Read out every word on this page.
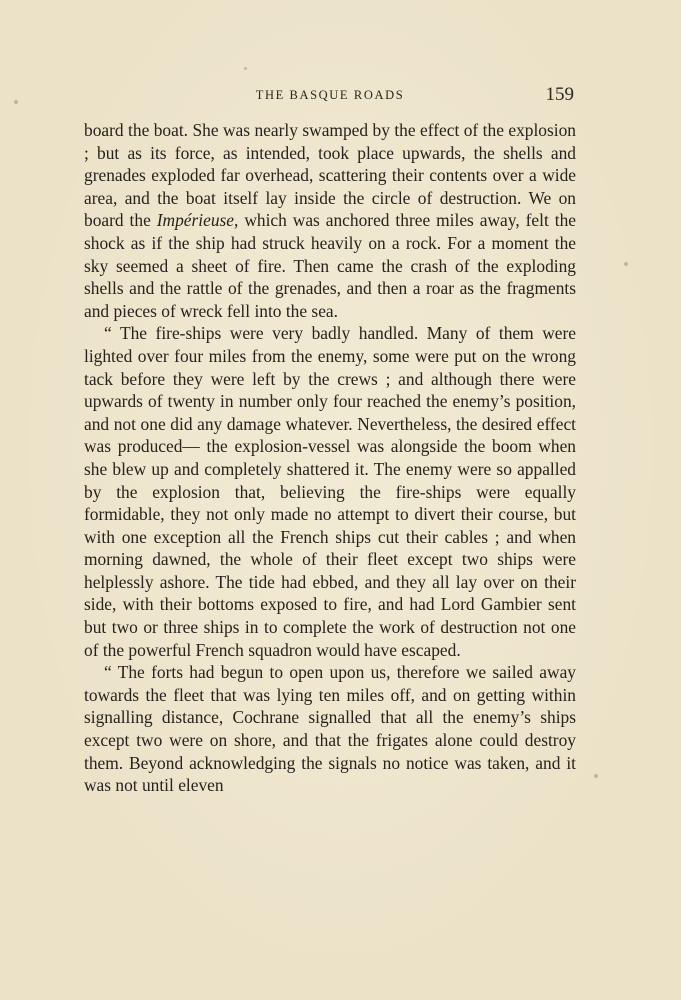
THE BASQUE ROADS	159

board the boat. She was nearly swamped by the effect of the explosion ; but as its force, as intended, took place upwards, the shells and grenades exploded far overhead, scattering their contents over a wide area, and the boat itself lay inside the circle of destruction. We on board the Impérieuse, which was anchored three miles away, felt the shock as if the ship had struck heavily on a rock. For a moment the sky seemed a sheet of fire. Then came the crash of the exploding shells and the rattle of the grenades, and then a roar as the fragments and pieces of wreck fell into the sea.

“ The fire-ships were very badly handled. Many of them were lighted over four miles from the enemy, some were put on the wrong tack before they were left by the crews ; and although there were upwards of twenty in number only four reached the enemy’s position, and not one did any damage whatever. Nevertheless, the desired effect was produced— the explosion-vessel was alongside the boom when she blew up and completely shattered it. The enemy were so appalled by the explosion that, believing the fire-ships were equally formidable, they not only made no attempt to divert their course, but with one exception all the French ships cut their cables ; and when morning dawned, the whole of their fleet except two ships were helplessly ashore. The tide had ebbed, and they all lay over on their side, with their bottoms exposed to fire, and had Lord Gambier sent but two or three ships in to complete the work of destruction not one of the powerful French squadron would have escaped.

“ The forts had begun to open upon us, therefore we sailed away towards the fleet that was lying ten miles off, and on getting within signalling distance, Cochrane signalled that all the enemy’s ships except two were on shore, and that the frigates alone could destroy them. Beyond acknowledging the signals no notice was taken, and it was not until eleven
